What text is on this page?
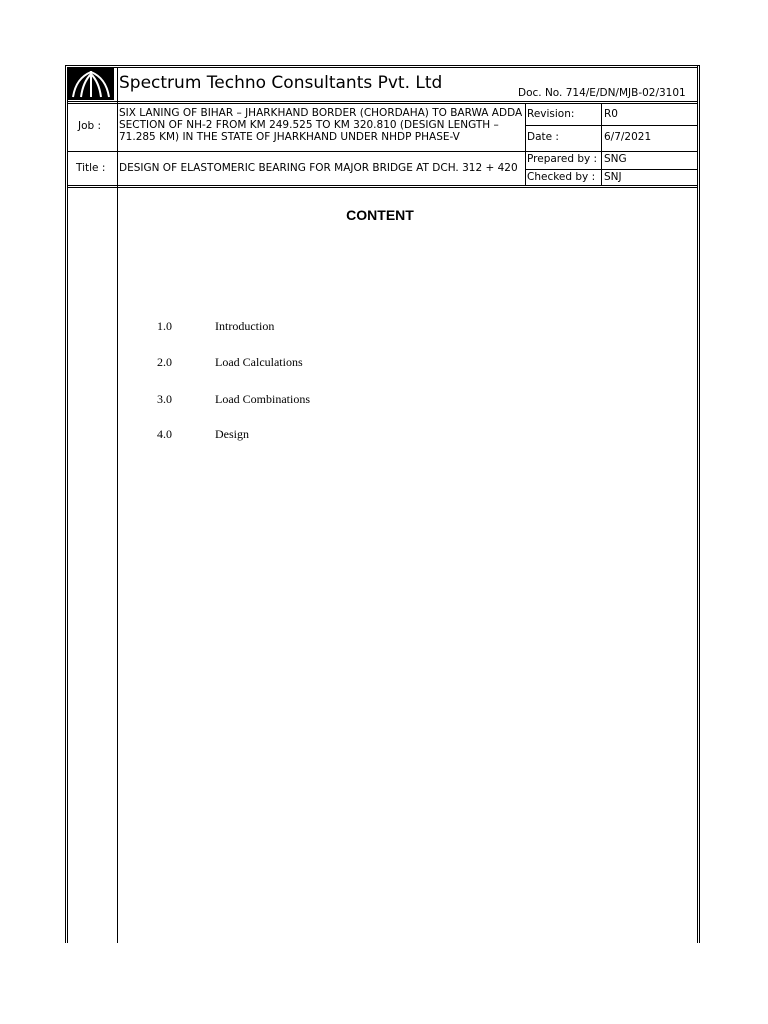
Spectrum Techno Consultants Pvt. Ltd	Doc. No. 714/E/DN/MJB-02/3101
Job :
SIX LANING OF BIHAR – JHARKHAND BORDER (CHORDAHA) TO BARWA ADDA
SECTION OF NH-2 FROM KM 249.525 TO KM 320.810 (DESIGN LENGTH –
71.285 KM) IN THE STATE OF JHARKHAND UNDER NHDP PHASE-V
Title : DESIGN OF ELASTOMERIC BEARING FOR MAJOR BRIDGE AT DCH. 312 + 420
Revision:	R0
Date :	6/7/2021
Prepared by : SNG
Checked by : SNJ
CONTENT
1.0	Introduction
2.0	Load Calculations
3.0	Load Combinations
4.0	Design
